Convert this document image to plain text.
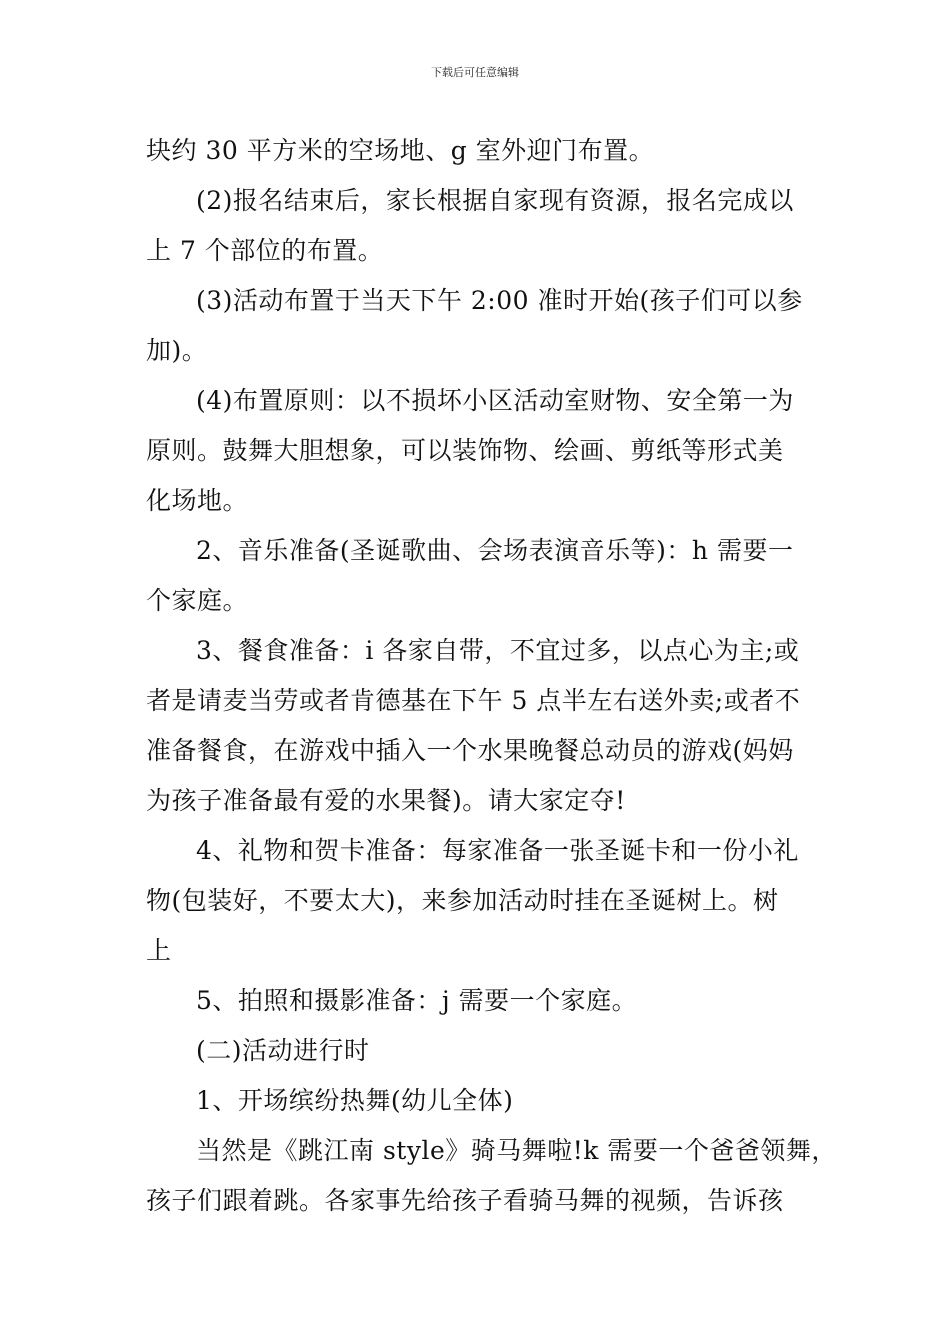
下载后可任意编辑
块约 30 平方米的空场地、g 室外迎门布置。
(2)报名结束后，家长根据自家现有资源，报名完成以
上 7 个部位的布置。
(3)活动布置于当天下午 2:00 准时开始(孩子们可以参
加)。
(4)布置原则：以不损坏小区活动室财物、安全第一为
原则。鼓舞大胆想象，可以装饰物、绘画、剪纸等形式美
化场地。
2、音乐准备(圣诞歌曲、会场表演音乐等)：h 需要一
个家庭。
3、餐食准备：i 各家自带，不宜过多，以点心为主;或
者是请麦当劳或者肯德基在下午 5 点半左右送外卖;或者不
准备餐食，在游戏中插入一个水果晚餐总动员的游戏(妈妈
为孩子准备最有爱的水果餐)。请大家定夺!
4、礼物和贺卡准备：每家准备一张圣诞卡和一份小礼
物(包装好，不要太大)，来参加活动时挂在圣诞树上。树
上
5、拍照和摄影准备：j 需要一个家庭。
(二)活动进行时
1、开场缤纷热舞(幼儿全体)
当然是《跳江南 style》骑马舞啦!k 需要一个爸爸领舞，
孩子们跟着跳。各家事先给孩子看骑马舞的视频，告诉孩
